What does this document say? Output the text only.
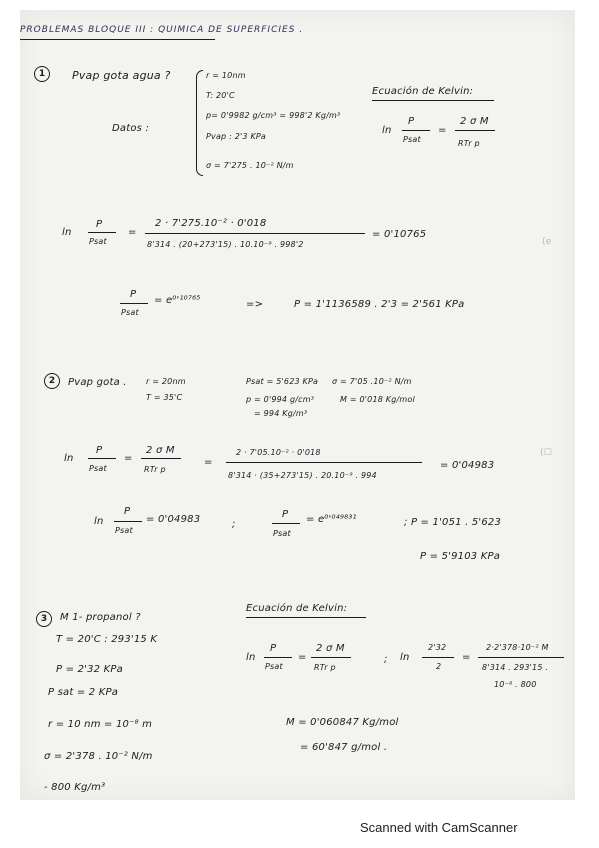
PROBLEMAS BLOQUE III : QUIMICA DE SUPERFICIES .
1	Pvap gota agua ?
Datos :
r = 10nm
T: 20'C
p= 0'9982 g/cm³ = 998'2 Kg/m³
Pvap : 2'3 KPa
σ = 7'275 . 10⁻² N/m
Ecuación de Kelvin:
ln
P
Psat
=
2 σ M
RTr p
ln
P
Psat
=
2 · 7'275.10⁻² · 0'018
8'314 . (20+273'15) . 10.10⁻⁹ . 998'2
= 0'10765
P
Psat
= e⁰'¹⁰⁷⁶⁵	=>	P = 1'1136589 . 2'3 = 2'561 KPa
2	Pvap gota . r = 20nm
T = 35'C
Psat = 5'623 KPa
p = 0'994 g/cm³
= 994 Kg/m³
σ = 7'05 .10⁻² N/m
M = 0'018 Kg/mol
ln
P
Psat
=
2 σ M
RTr p
=
2 · 7'05.10⁻² · 0'018
8'314 · (35+273'15) . 20.10⁻⁹ . 994
= 0'04983
ln
P
Psat
= 0'04983	;
P
Psat
= e⁰'⁰⁴⁹⁸³¹	; P = 1'051 . 5'623
P = 5'9103 KPa
3	M 1- propanol ?
T = 20'C : 293'15 K
P = 2'32 KPa
P sat = 2 KPa
r = 10 nm = 10⁻⁸ m
σ = 2'378 . 10⁻² N/m
- 800 Kg/m³
Ecuación de Kelvin:
ln
P
Psat
=
2 σ M
RTr p
; ln
2'32
2
=
2·2'378·10⁻² M
8'314 . 293'15 .
10⁻⁸ . 800
M = 0'060847 Kg/mol
= 60'847 g/mol .
(e
(☐
Scanned with CamScanner
